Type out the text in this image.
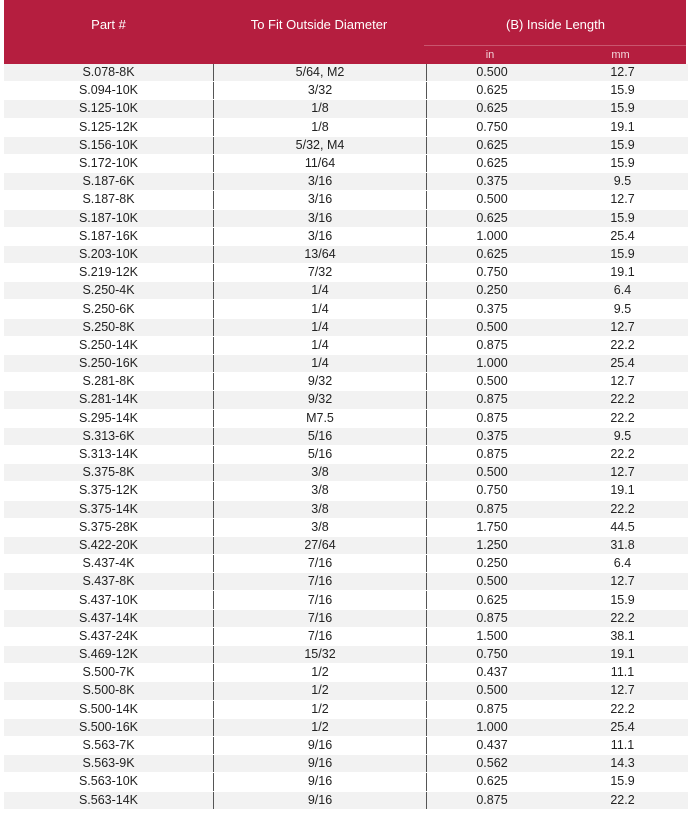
Part #	To Fit Outside Diameter	(B) Inside Length
in	mm
S.078-8K	5/64, M2	0.500	12.7
S.094-10K	3/32	0.625	15.9
S.125-10K	1/8	0.625	15.9
S.125-12K	1/8	0.750	19.1
S.156-10K	5/32, M4	0.625	15.9
S.172-10K	11/64	0.625	15.9
S.187-6K	3/16	0.375	9.5
S.187-8K	3/16	0.500	12.7
S.187-10K	3/16	0.625	15.9
S.187-16K	3/16	1.000	25.4
S.203-10K	13/64	0.625	15.9
S.219-12K	7/32	0.750	19.1
S.250-4K	1/4	0.250	6.4
S.250-6K	1/4	0.375	9.5
S.250-8K	1/4	0.500	12.7
S.250-14K	1/4	0.875	22.2
S.250-16K	1/4	1.000	25.4
S.281-8K	9/32	0.500	12.7
S.281-14K	9/32	0.875	22.2
S.295-14K	M7.5	0.875	22.2
S.313-6K	5/16	0.375	9.5
S.313-14K	5/16	0.875	22.2
S.375-8K	3/8	0.500	12.7
S.375-12K	3/8	0.750	19.1
S.375-14K	3/8	0.875	22.2
S.375-28K	3/8	1.750	44.5
S.422-20K	27/64	1.250	31.8
S.437-4K	7/16	0.250	6.4
S.437-8K	7/16	0.500	12.7
S.437-10K	7/16	0.625	15.9
S.437-14K	7/16	0.875	22.2
S.437-24K	7/16	1.500	38.1
S.469-12K	15/32	0.750	19.1
S.500-7K	1/2	0.437	11.1
S.500-8K	1/2	0.500	12.7
S.500-14K	1/2	0.875	22.2
S.500-16K	1/2	1.000	25.4
S.563-7K	9/16	0.437	11.1
S.563-9K	9/16	0.562	14.3
S.563-10K	9/16	0.625	15.9
S.563-14K	9/16	0.875	22.2
